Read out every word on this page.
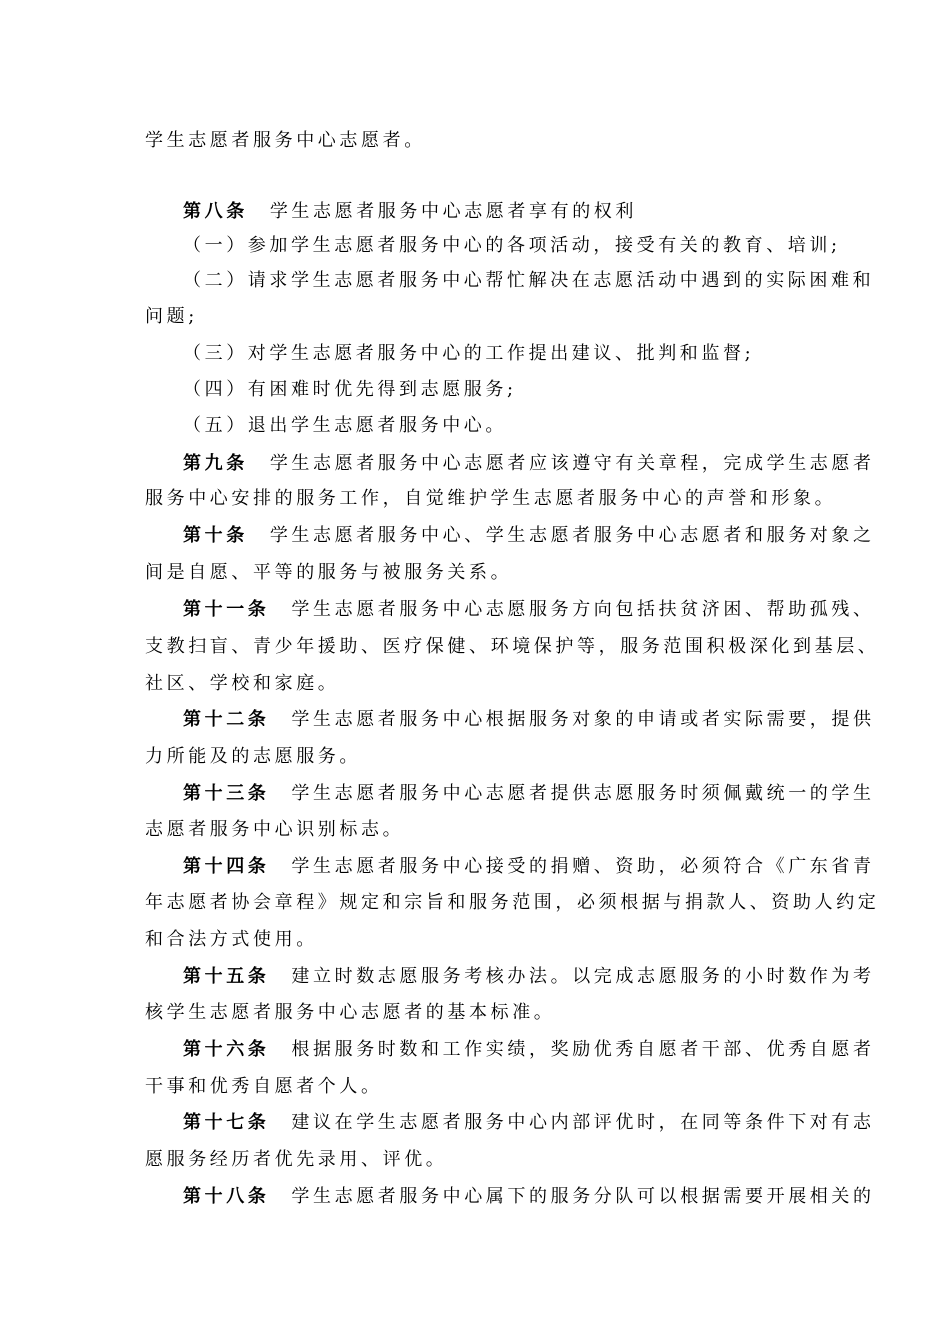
学生志愿者服务中心志愿者。
第八条 学生志愿者服务中心志愿者享有的权利
（一）参加学生志愿者服务中心的各项活动，接受有关的教育、培训;
（二）请求学生志愿者服务中心帮忙解决在志愿活动中遇到的实际困难和
问题;
（三）对学生志愿者服务中心的工作提出建议、批判和监督;
（四）有困难时优先得到志愿服务;
（五）退出学生志愿者服务中心。
第九条 学生志愿者服务中心志愿者应该遵守有关章程，完成学生志愿者
服务中心安排的服务工作，自觉维护学生志愿者服务中心的声誉和形象。
第十条 学生志愿者服务中心、学生志愿者服务中心志愿者和服务对象之
间是自愿、平等的服务与被服务关系。
第十一条 学生志愿者服务中心志愿服务方向包括扶贫济困、帮助孤残、
支教扫盲、青少年援助、医疗保健、环境保护等，服务范围积极深化到基层、
社区、学校和家庭。
第十二条 学生志愿者服务中心根据服务对象的申请或者实际需要，提供
力所能及的志愿服务。
第十三条 学生志愿者服务中心志愿者提供志愿服务时须佩戴统一的学生
志愿者服务中心识别标志。
第十四条 学生志愿者服务中心接受的捐赠、资助，必须符合《广东省青
年志愿者协会章程》规定和宗旨和服务范围，必须根据与捐款人、资助人约定
和合法方式使用。
第十五条 建立时数志愿服务考核办法。以完成志愿服务的小时数作为考
核学生志愿者服务中心志愿者的基本标准。
第十六条 根据服务时数和工作实绩，奖励优秀自愿者干部、优秀自愿者
干事和优秀自愿者个人。
第十七条 建议在学生志愿者服务中心内部评优时，在同等条件下对有志
愿服务经历者优先录用、评优。
第十八条 学生志愿者服务中心属下的服务分队可以根据需要开展相关的
